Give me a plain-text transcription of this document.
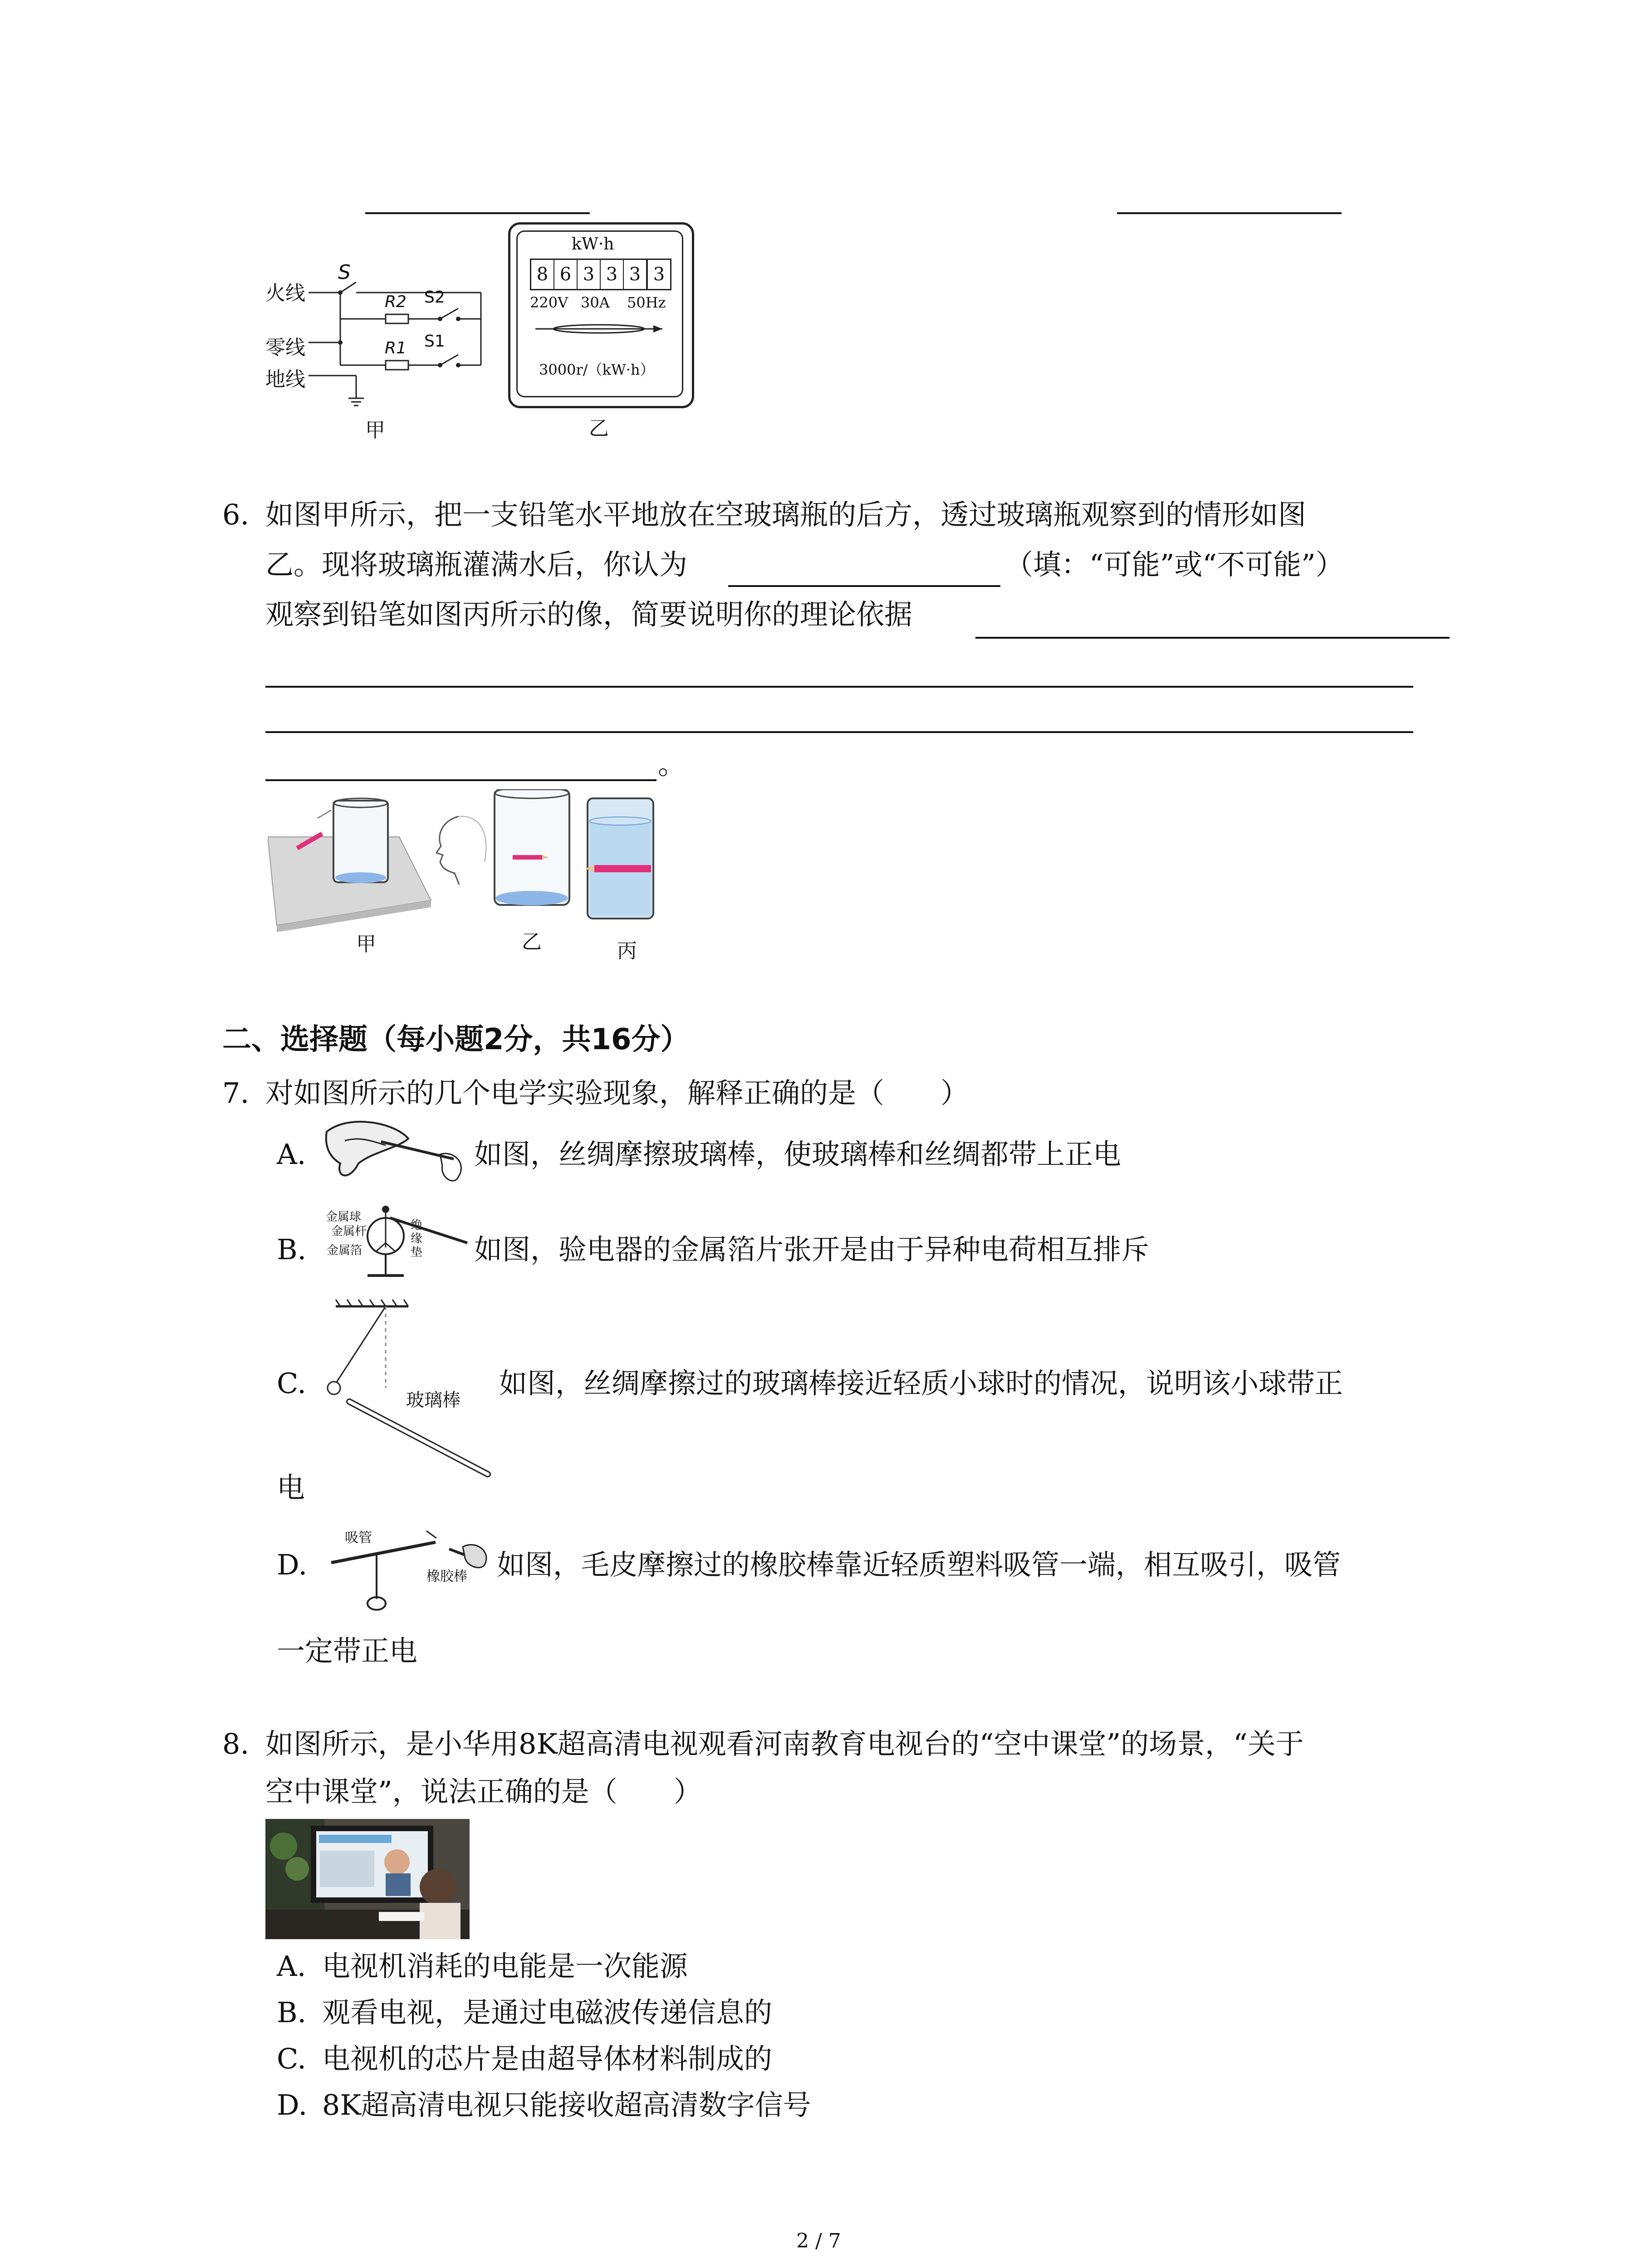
火线
零线
地线
S
R2 S2
R1 S1
甲
kW·h
8 6 3 3 3 3
220V 30A 50Hz
3000r/（kW·h）
乙
6. 如图甲所示，把一支铅笔水平地放在空玻璃瓶的后方，透过玻璃瓶观察到的情形如图
乙。现将玻璃瓶灌满水后，你认为	（填：“可能”或“不可能”）
观察到铅笔如图丙所示的像，简要说明你的理论依据
。
甲	乙	丙
二、选择题（每小题2分，共16分）
7. 对如图所示的几个电学实验现象，解释正确的是（　　）
A.	如图，丝绸摩擦玻璃棒，使玻璃棒和丝绸都带上正电
B.
金属球
金属杆
金属箔
绝
缘
垫 如图，验电器的金属箔片张开是由于异种电荷相互排斥
C.
玻璃棒
如图，丝绸摩擦过的玻璃棒接近轻质小球时的情况，说明该小球带正
电
D.
吸管
橡胶棒 如图，毛皮摩擦过的橡胶棒靠近轻质塑料吸管一端，相互吸引，吸管
一定带正电
8. 如图所示，是小华用8K超高清电视观看河南教育电视台的“空中课堂”的场景，“关于
空中课堂”，说法正确的是（　　）
A. 电视机消耗的电能是一次能源
B. 观看电视，是通过电磁波传递信息的
C. 电视机的芯片是由超导体材料制成的
D. 8K超高清电视只能接收超高清数字信号
2 / 7
